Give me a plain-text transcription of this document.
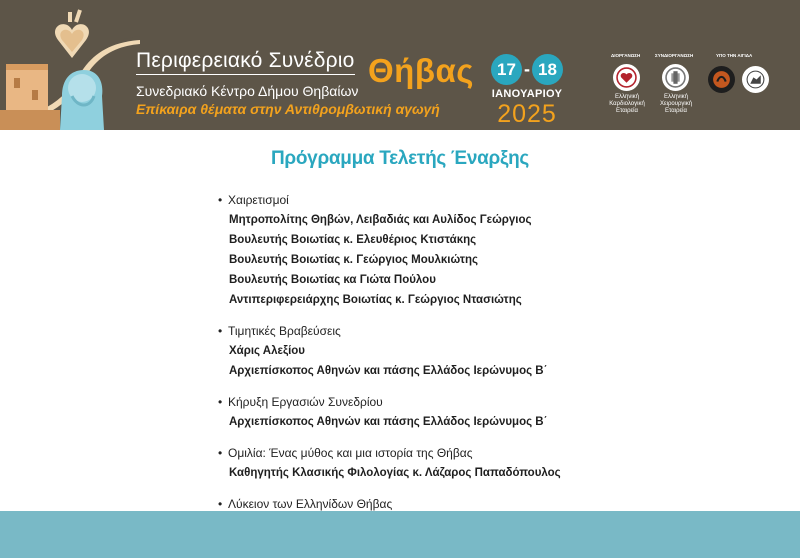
Περιφερειακό Συνέδριο Θήβας
Συνεδριακό Κέντρο Δήμου Θηβαίων
Επίκαιρα θέματα στην Αντιθρομβωτική αγωγή
17 - 18
ΙΑΝΟΥΑΡΙΟΥ
2025
ΔΙΟΡΓΑΝΩΣΗ
Ελληνική Καρδιολογική Εταιρεία
ΣΥΝΔΙΟΡΓΑΝΩΣΗ
Ελληνική Χειρουργική Εταιρεία
ΥΠΟ ΤΗΝ ΑΙΓΙΔΑ
Πρόγραμμα Τελετής Έναρξης
• Χαιρετισμοί
Μητροπολίτης Θηβών, Λειβαδιάς και Αυλίδος Γεώργιος
Βουλευτής Βοιωτίας κ. Ελευθέριος Κτιστάκης
Βουλευτής Βοιωτίας κ. Γεώργιος Μουλκιώτης
Βουλευτής Βοιωτίας κα Γιώτα Πούλου
Αντιπεριφερειάρχης Βοιωτίας κ. Γεώργιος Ντασιώτης
• Τιμητικές Βραβεύσεις
Χάρις Αλεξίου
Αρχιεπίσκοπος Αθηνών και πάσης Ελλάδος Ιερώνυμος Β΄
• Κήρυξη Εργασιών Συνεδρίου
Αρχιεπίσκοπος Αθηνών και πάσης Ελλάδος Ιερώνυμος Β΄
• Ομιλία: Ένας μύθος και μια ιστορία της Θήβας
Καθηγητής Κλασικής Φιλολογίας κ. Λάζαρος Παπαδόπουλος
• Λύκειον των Ελληνίδων Θήβας
